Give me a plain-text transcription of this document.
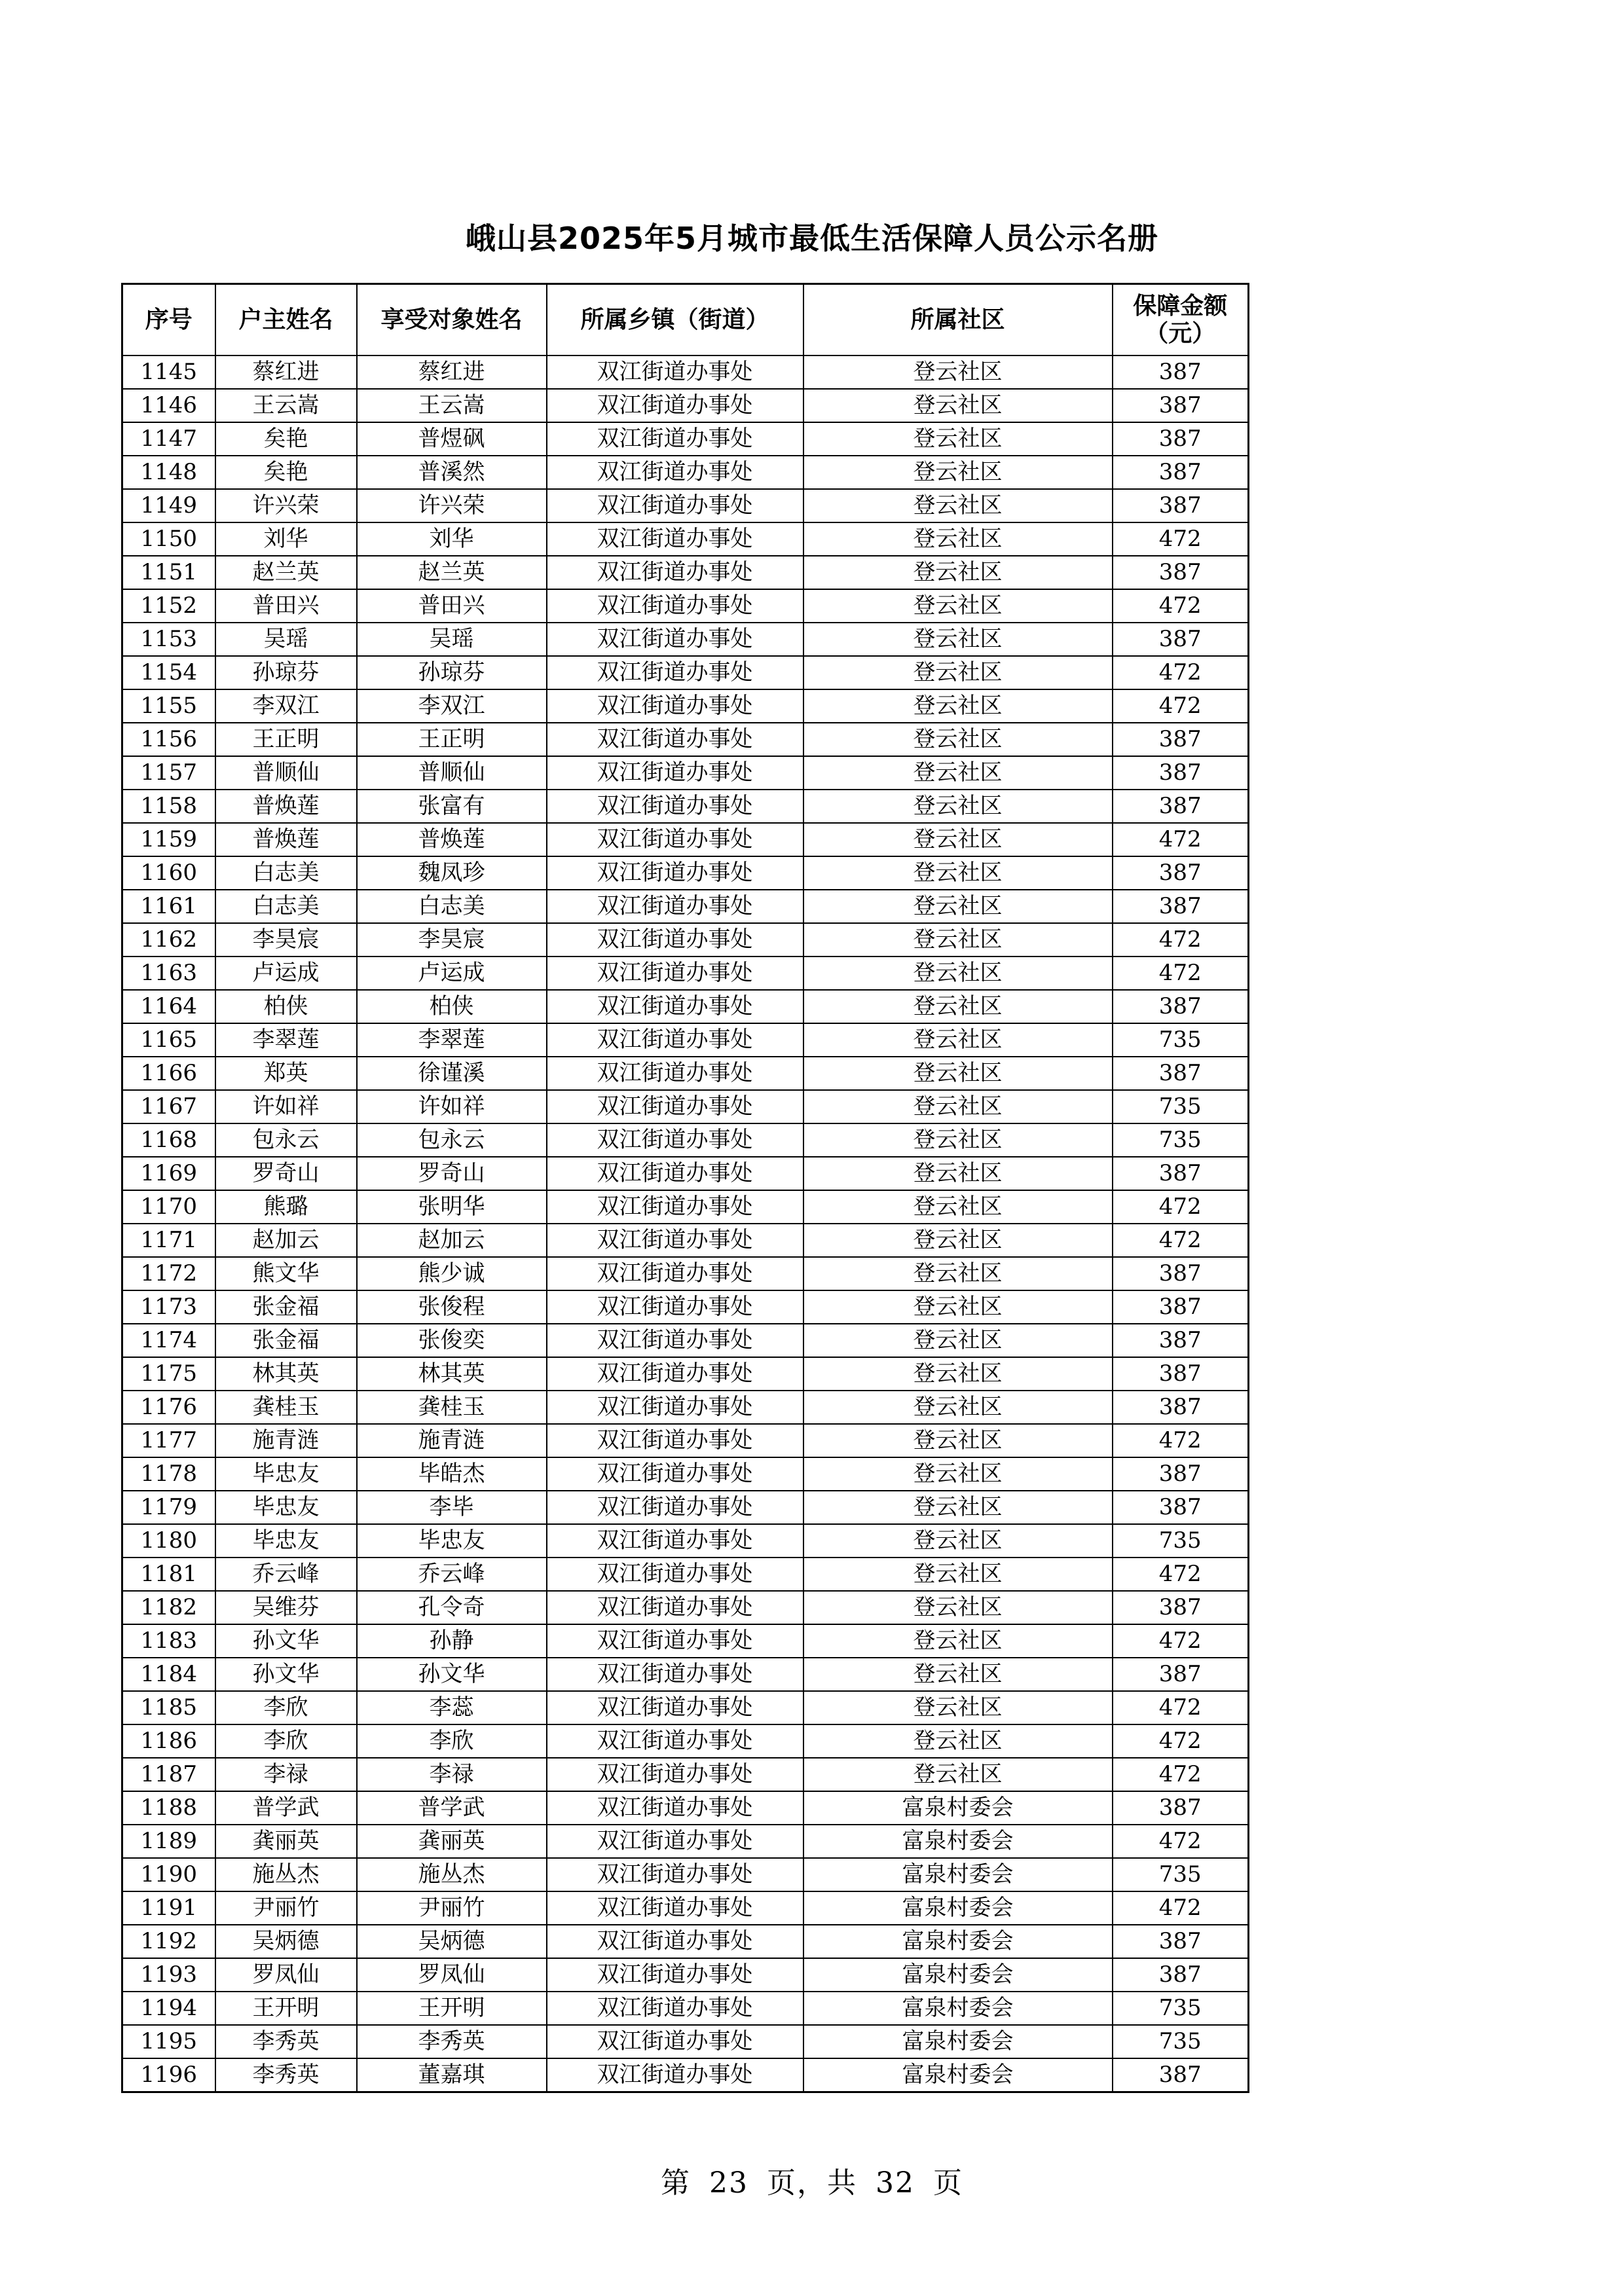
峨山县2025年5月城市最低生活保障人员公示名册
序号	户主姓名	享受对象姓名	所属乡镇（街道）	所属社区	保障金额
（元）

1145	蔡红进	蔡红进	双江街道办事处	登云社区	387
1146	王云嵩	王云嵩	双江街道办事处	登云社区	387
1147	矣艳	普煜砜	双江街道办事处	登云社区	387
1148	矣艳	普溪然	双江街道办事处	登云社区	387
1149	许兴荣	许兴荣	双江街道办事处	登云社区	387
1150	刘华	刘华	双江街道办事处	登云社区	472
1151	赵兰英	赵兰英	双江街道办事处	登云社区	387
1152	普田兴	普田兴	双江街道办事处	登云社区	472
1153	吴瑶	吴瑶	双江街道办事处	登云社区	387
1154	孙琼芬	孙琼芬	双江街道办事处	登云社区	472
1155	李双江	李双江	双江街道办事处	登云社区	472
1156	王正明	王正明	双江街道办事处	登云社区	387
1157	普顺仙	普顺仙	双江街道办事处	登云社区	387
1158	普焕莲	张富有	双江街道办事处	登云社区	387
1159	普焕莲	普焕莲	双江街道办事处	登云社区	472
1160	白志美	魏凤珍	双江街道办事处	登云社区	387
1161	白志美	白志美	双江街道办事处	登云社区	387
1162	李昊宸	李昊宸	双江街道办事处	登云社区	472
1163	卢运成	卢运成	双江街道办事处	登云社区	472
1164	柏侠	柏侠	双江街道办事处	登云社区	387
1165	李翠莲	李翠莲	双江街道办事处	登云社区	735
1166	郑英	徐谨溪	双江街道办事处	登云社区	387
1167	许如祥	许如祥	双江街道办事处	登云社区	735
1168	包永云	包永云	双江街道办事处	登云社区	735
1169	罗奇山	罗奇山	双江街道办事处	登云社区	387
1170	熊璐	张明华	双江街道办事处	登云社区	472
1171	赵加云	赵加云	双江街道办事处	登云社区	472
1172	熊文华	熊少诚	双江街道办事处	登云社区	387
1173	张金福	张俊程	双江街道办事处	登云社区	387
1174	张金福	张俊奕	双江街道办事处	登云社区	387
1175	林其英	林其英	双江街道办事处	登云社区	387
1176	龚桂玉	龚桂玉	双江街道办事处	登云社区	387
1177	施青涟	施青涟	双江街道办事处	登云社区	472
1178	毕忠友	毕皓杰	双江街道办事处	登云社区	387
1179	毕忠友	李毕	双江街道办事处	登云社区	387
1180	毕忠友	毕忠友	双江街道办事处	登云社区	735
1181	乔云峰	乔云峰	双江街道办事处	登云社区	472
1182	吴维芬	孔令奇	双江街道办事处	登云社区	387
1183	孙文华	孙静	双江街道办事处	登云社区	472
1184	孙文华	孙文华	双江街道办事处	登云社区	387
1185	李欣	李蕊	双江街道办事处	登云社区	472
1186	李欣	李欣	双江街道办事处	登云社区	472
1187	李禄	李禄	双江街道办事处	登云社区	472
1188	普学武	普学武	双江街道办事处	富泉村委会	387
1189	龚丽英	龚丽英	双江街道办事处	富泉村委会	472
1190	施丛杰	施丛杰	双江街道办事处	富泉村委会	735
1191	尹丽竹	尹丽竹	双江街道办事处	富泉村委会	472
1192	吴炳德	吴炳德	双江街道办事处	富泉村委会	387
1193	罗凤仙	罗凤仙	双江街道办事处	富泉村委会	387
1194	王开明	王开明	双江街道办事处	富泉村委会	735
1195	李秀英	李秀英	双江街道办事处	富泉村委会	735
1196	李秀英	董嘉琪	双江街道办事处	富泉村委会	387
第 23 页，共 32 页
